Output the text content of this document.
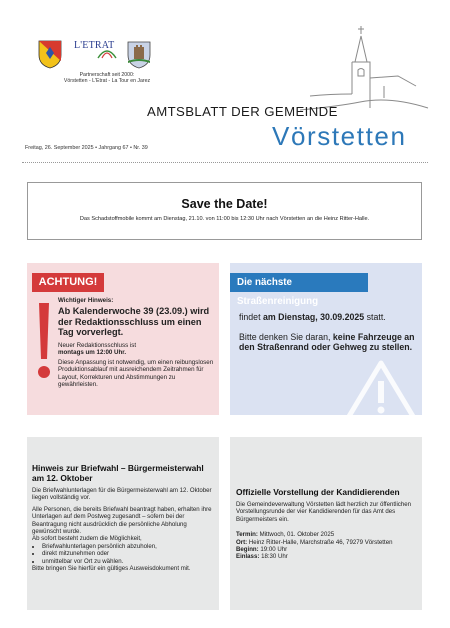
L'ETRAT
Partnerschaft seit 2000:
Vörstetten - L'Etrat - La Tour en Jarez
AMTSBLATT DER GEMEINDE
Vörstetten
Freitag, 26. September 2025 • Jahrgang 67 • Nr. 39
Save the Date!
Das Schadstoffmobile kommt am Dienstag, 21.10. von 11:00 bis 12:30 Uhr nach Vörstetten an die Heinz Ritter-Halle.
ACHTUNG!
Wichtiger Hinweis:
Ab Kalenderwoche 39 (23.09.) wird der Redaktionsschluss um einen Tag vorverlegt.
Neuer Redaktionsschluss ist
montags um 12:00 Uhr.
Diese Anpassung ist notwendig, um einen reibungslosen Produktionsablauf mit ausreichendem Zeitrahmen für Layout, Korrekturen und Abstimmungen zu gewährleisten.
Die nächste Straßenreinigung

findet am Dienstag, 30.09.2025 statt.

Bitte denken Sie daran, keine Fahrzeuge an den Straßenrand oder Gehweg zu stellen.

Hinweis zur Briefwahl – Bürgermeisterwahl am 12. Oktober

Die Briefwahlunterlagen für die Bürgermeisterwahl am 12. Oktober liegen vollständig vor.

Alle Personen, die bereits Briefwahl beantragt haben, erhalten ihre Unterlagen auf dem Postweg zugesandt – sofern bei der Beantragung nicht ausdrücklich die persönliche Abholung gewünscht wurde.

Ab sofort besteht zudem die Möglichkeit,
• Briefwahlunterlagen persönlich abzuholen,
• direkt mitzunehmen oder
• unmittelbar vor Ort zu wählen.
Bitte bringen Sie hierfür ein gültiges Ausweisdokument mit.
Offizielle Vorstellung der Kandidierenden

Die Gemeindeverwaltung Vörstetten lädt herzlich zur öffentlichen Vorstellungsrunde der vier Kandidierenden für das Amt des Bürgermeisters ein.

Termin: Mittwoch, 01. Oktober 2025
Ort: Heinz Ritter-Halle, Marchstraße 46, 79279 Vörstetten
Beginn: 19:00 Uhr
Einlass: 18:30 Uhr
